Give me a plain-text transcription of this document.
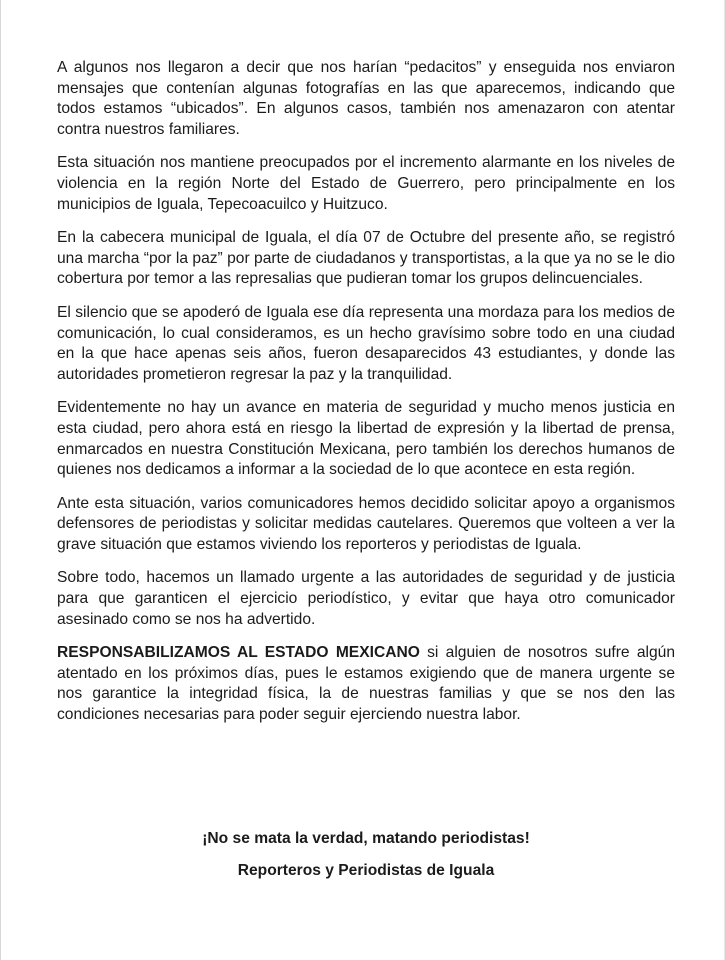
A algunos nos llegaron a decir que nos harían “pedacitos” y enseguida nos enviaron mensajes que contenían algunas fotografías en las que aparecemos, indicando que todos estamos “ubicados”. En algunos casos, también nos amenazaron con atentar contra nuestros familiares.

Esta situación nos mantiene preocupados por el incremento alarmante en los niveles de violencia en la región Norte del Estado de Guerrero, pero principalmente en los municipios de Iguala, Tepecoacuilco y Huitzuco.

En la cabecera municipal de Iguala, el día 07 de Octubre del presente año, se registró una marcha “por la paz” por parte de ciudadanos y transportistas, a la que ya no se le dio cobertura por temor a las represalias que pudieran tomar los grupos delincuenciales.

El silencio que se apoderó de Iguala ese día representa una mordaza para los medios de comunicación, lo cual consideramos, es un hecho gravísimo sobre todo en una ciudad en la que hace apenas seis años, fueron desaparecidos 43 estudiantes, y donde las autoridades prometieron regresar la paz y la tranquilidad.

Evidentemente no hay un avance en materia de seguridad y mucho menos justicia en esta ciudad, pero ahora está en riesgo la libertad de expresión y la libertad de prensa, enmarcados en nuestra Constitución Mexicana, pero también los derechos humanos de quienes nos dedicamos a informar a la sociedad de lo que acontece en esta región.

Ante esta situación, varios comunicadores hemos decidido solicitar apoyo a organismos defensores de periodistas y solicitar medidas cautelares. Queremos que volteen a ver la grave situación que estamos viviendo los reporteros y periodistas de Iguala.

Sobre todo, hacemos un llamado urgente a las autoridades de seguridad y de justicia para que garanticen el ejercicio periodístico, y evitar que haya otro comunicador asesinado como se nos ha advertido.

RESPONSABILIZAMOS AL ESTADO MEXICANO si alguien de nosotros sufre algún atentado en los próximos días, pues le estamos exigiendo que de manera urgente se nos garantice la integridad física, la de nuestras familias y que se nos den las condiciones necesarias para poder seguir ejerciendo nuestra labor.

¡No se mata la verdad, matando periodistas!
Reporteros y Periodistas de Iguala
